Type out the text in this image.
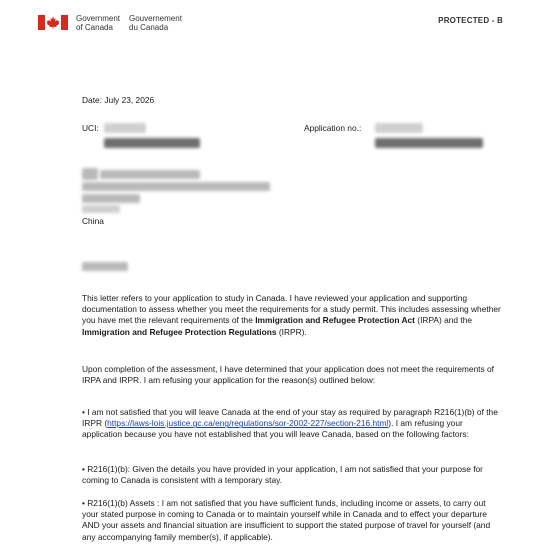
Government
of Canada
Gouvernement
du Canada
PROTECTED - B
Date: July 23, 2026
UCI:	Application no.:
China

This letter refers to your application to study in Canada. I have reviewed your application and supporting documentation to assess whether you meet the requirements for a study permit. This includes assessing whether you have met the relevant requirements of the Immigration and Refugee Protection Act (IRPA) and the Immigration and Refugee Protection Regulations (IRPR).

Upon completion of the assessment, I have determined that your application does not meet the requirements of IRPA and IRPR. I am refusing your application for the reason(s) outlined below:

• I am not satisfied that you will leave Canada at the end of your stay as required by paragraph R216(1)(b) of the IRPR (https://laws-lois.justice.gc.ca/eng/regulations/sor-2002-227/section-216.html). I am refusing your application because you have not established that you will leave Canada, based on the following factors:

• R216(1)(b): Given the details you have provided in your application, I am not satisfied that your purpose for coming to Canada is consistent with a temporary stay.

• R216(1)(b) Assets : I am not satisfied that you have sufficient funds, including income or assets, to carry out your stated purpose in coming to Canada or to maintain yourself while in Canada and to effect your departure AND your assets and financial situation are insufficient to support the stated purpose of travel for yourself (and any accompanying family member(s), if applicable).
